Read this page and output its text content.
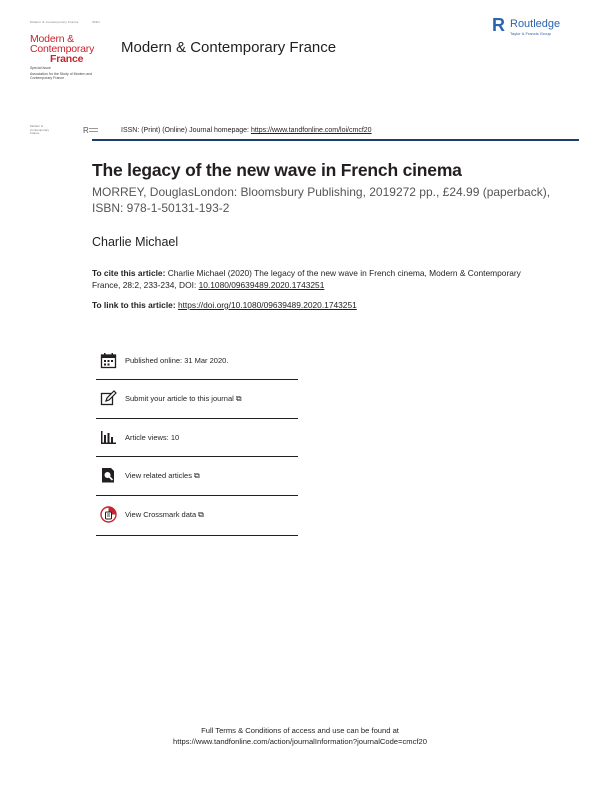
Modern & Contemporary France	ISSN
Modern &
Contemporary
France
Special Issue
Association for the Study of Modern and Contemporary France
Modern & Contemporary France
R Routledge
Taylor & Francis Group
Modern & Contemporary France	R	ISSN: (Print) (Online) Journal homepage: https://www.tandfonline.com/loi/cmcf20
The legacy of the new wave in French cinema
MORREY, DouglasLondon: Bloomsbury Publishing, 2019272 pp., £24.99 (paperback), ISBN: 978-1-50131-193-2
Charlie Michael
To cite this article: Charlie Michael (2020) The legacy of the new wave in French cinema, Modern & Contemporary France, 28:2, 233-234, DOI: 10.1080/09639489.2020.1743251
To link to this article: https://doi.org/10.1080/09639489.2020.1743251
Published online: 31 Mar 2020.
Submit your article to this journal ⧉
Article views: 10
View related articles ⧉
View Crossmark data ⧉
Full Terms & Conditions of access and use can be found at
https://www.tandfonline.com/action/journalInformation?journalCode=cmcf20
